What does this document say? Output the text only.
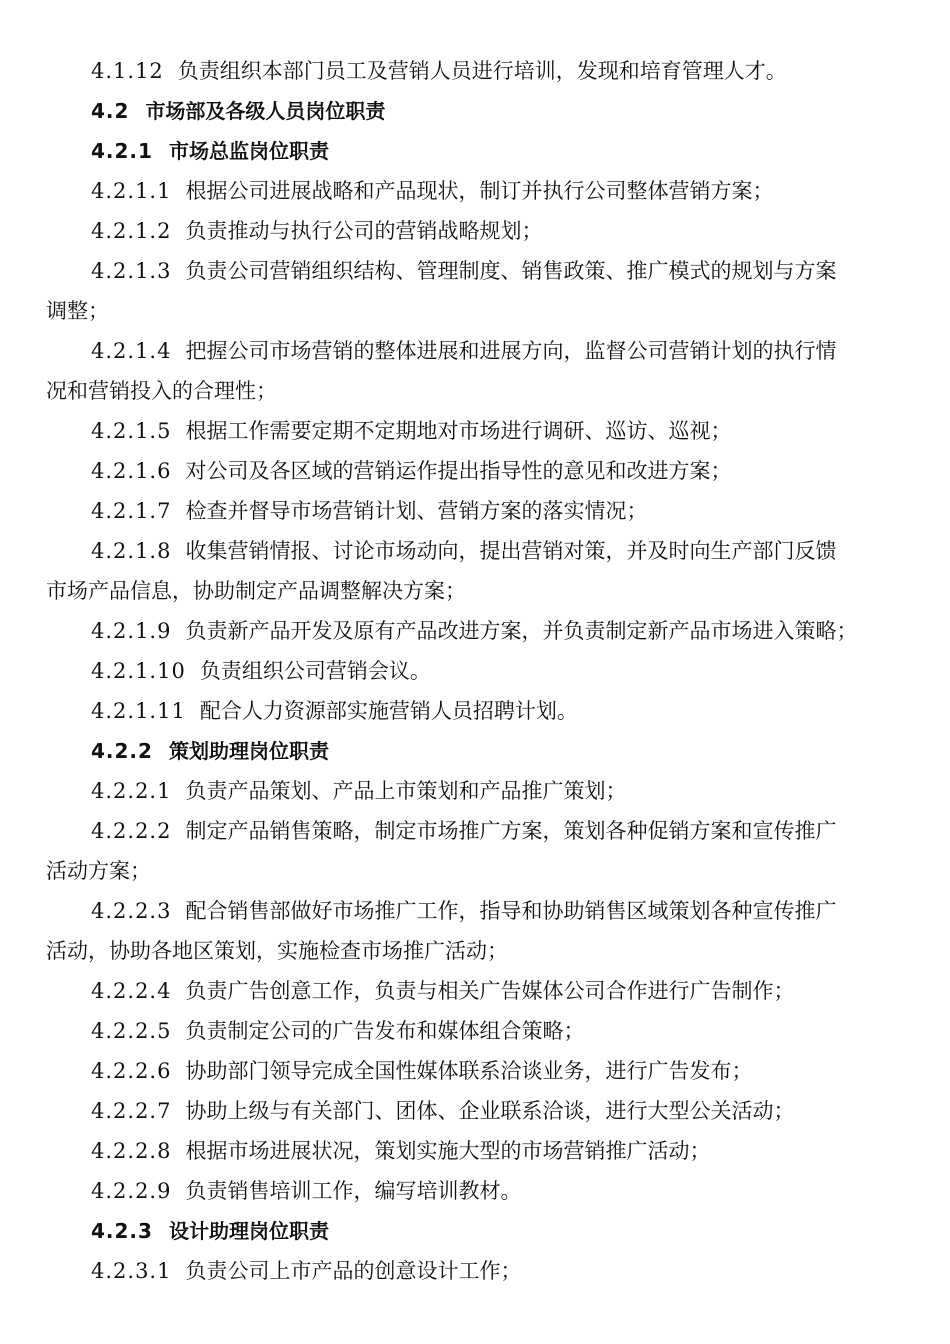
4.1.12 负责组织本部门员工及营销人员进行培训，发现和培育管理人才。
4.2 市场部及各级人员岗位职责
4.2.1 市场总监岗位职责
4.2.1.1 根据公司进展战略和产品现状，制订并执行公司整体营销方案；
4.2.1.2 负责推动与执行公司的营销战略规划；
4.2.1.3 负责公司营销组织结构、管理制度、销售政策、推广模式的规划与方案
调整；
4.2.1.4 把握公司市场营销的整体进展和进展方向，监督公司营销计划的执行情
况和营销投入的合理性；
4.2.1.5 根据工作需要定期不定期地对市场进行调研、巡访、巡视；
4.2.1.6 对公司及各区域的营销运作提出指导性的意见和改进方案；
4.2.1.7 检查并督导市场营销计划、营销方案的落实情况；
4.2.1.8 收集营销情报、讨论市场动向，提出营销对策，并及时向生产部门反馈
市场产品信息，协助制定产品调整解决方案；
4.2.1.9 负责新产品开发及原有产品改进方案，并负责制定新产品市场进入策略；
4.2.1.10 负责组织公司营销会议。
4.2.1.11 配合人力资源部实施营销人员招聘计划。
4.2.2 策划助理岗位职责
4.2.2.1 负责产品策划、产品上市策划和产品推广策划；
4.2.2.2 制定产品销售策略，制定市场推广方案，策划各种促销方案和宣传推广
活动方案；
4.2.2.3 配合销售部做好市场推广工作，指导和协助销售区域策划各种宣传推广
活动，协助各地区策划，实施检查市场推广活动；
4.2.2.4 负责广告创意工作，负责与相关广告媒体公司合作进行广告制作；
4.2.2.5 负责制定公司的广告发布和媒体组合策略；
4.2.2.6 协助部门领导完成全国性媒体联系洽谈业务，进行广告发布；
4.2.2.7 协助上级与有关部门、团体、企业联系洽谈，进行大型公关活动；
4.2.2.8 根据市场进展状况，策划实施大型的市场营销推广活动；
4.2.2.9 负责销售培训工作，编写培训教材。
4.2.3 设计助理岗位职责
4.2.3.1 负责公司上市产品的创意设计工作；
